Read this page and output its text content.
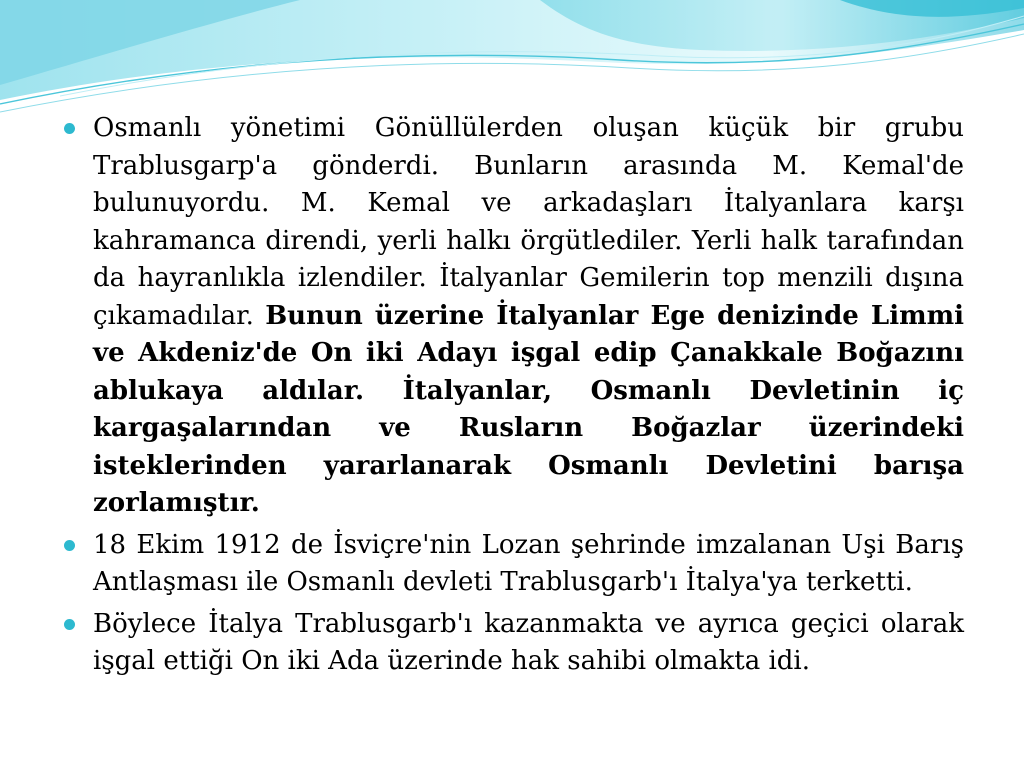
Osmanlı yönetimi Gönüllülerden oluşan küçük bir grubu Trablusgarp'a gönderdi. Bunların arasında M. Kemal'de bulunuyordu. M. Kemal ve arkadaşları İtalyanlara karşı kahramanca direndi, yerli halkı örgütlediler. Yerli halk tarafından da hayranlıkla izlendiler. İtalyanlar Gemilerin top menzili dışına çıkamadılar. Bunun üzerine İtalyanlar Ege denizinde Limmi ve Akdeniz'de On iki Adayı işgal edip Çanakkale Boğazını ablukaya aldılar. İtalyanlar, Osmanlı Devletinin iç kargaşalarından ve Rusların Boğazlar üzerindeki isteklerinden yararlanarak Osmanlı Devletini barışa zorlamıştır.

18 Ekim 1912 de İsviçre'nin Lozan şehrinde imzalanan Uşi Barış Antlaşması ile Osmanlı devleti Trablusgarb'ı İtalya'ya terketti.

Böylece İtalya Trablusgarb'ı kazanmakta ve ayrıca geçici olarak işgal ettiği On iki Ada üzerinde hak sahibi olmakta idi.
